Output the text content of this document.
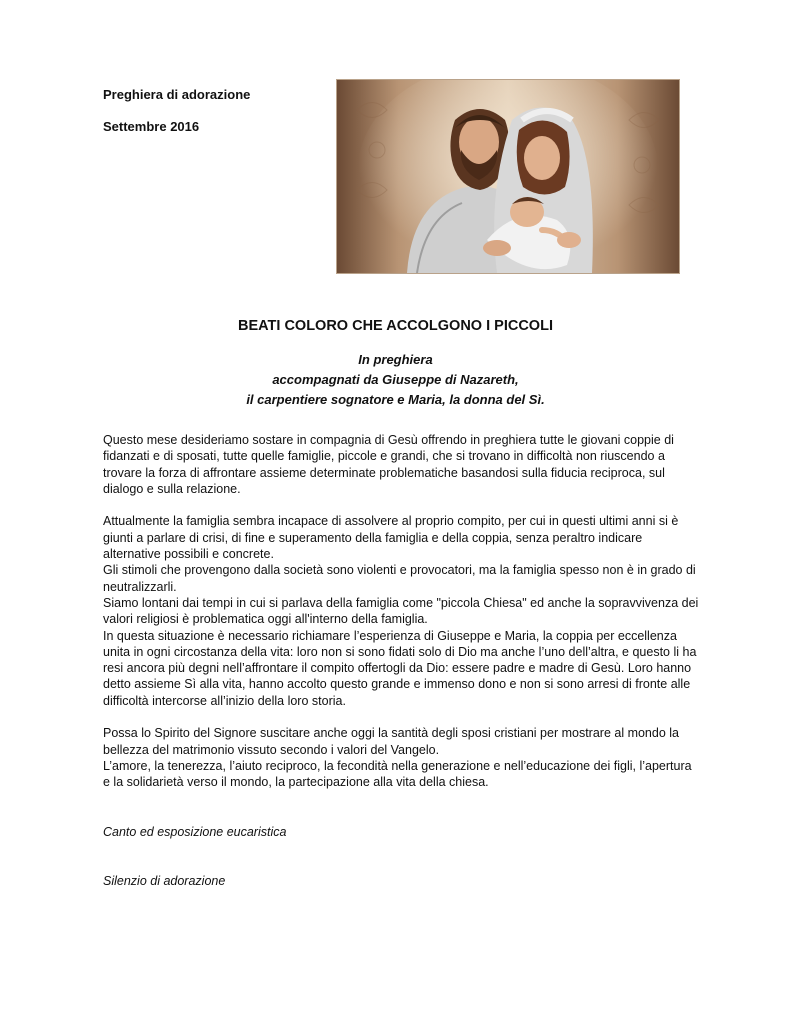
Preghiera di adorazione
Settembre 2016
BEATI COLORO CHE ACCOLGONO I PICCOLI
In preghiera
accompagnati da Giuseppe di Nazareth,
il carpentiere sognatore e Maria, la donna del Sì.
Questo mese desideriamo sostare in compagnia di Gesù offrendo in preghiera tutte le giovani coppie di
fidanzati e di sposati, tutte quelle famiglie, piccole e grandi, che si trovano in difficoltà non riuscendo a
trovare la forza di affrontare assieme determinate problematiche basandosi sulla fiducia reciproca, sul
dialogo e sulla relazione.
Attualmente la famiglia sembra incapace di assolvere al proprio compito, per cui in questi ultimi anni si è
giunti a parlare di crisi, di fine e superamento della famiglia e della coppia, senza peraltro indicare
alternative possibili e concrete.
Gli stimoli che provengono dalla società sono violenti e provocatori, ma la famiglia spesso non è in grado di
neutralizzarli.
Siamo lontani dai tempi in cui si parlava della famiglia come "piccola Chiesa" ed anche la sopravvivenza dei
valori religiosi è problematica oggi all'interno della famiglia.
In questa situazione è necessario richiamare l’esperienza di Giuseppe e Maria, la coppia per eccellenza
unita in ogni circostanza della vita: loro non si sono fidati solo di Dio ma anche l’uno dell’altra, e questo li ha
resi ancora più degni nell’affrontare il compito offertogli da Dio: essere padre e madre di Gesù. Loro hanno
detto assieme Sì alla vita, hanno accolto questo grande e immenso dono e non si sono arresi di fronte alle
difficoltà intercorse all’inizio della loro storia.
Possa lo Spirito del Signore suscitare anche oggi la santità degli sposi cristiani per mostrare al mondo la
bellezza del matrimonio vissuto secondo i valori del Vangelo.
L’amore, la tenerezza, l’aiuto reciproco, la fecondità nella generazione e nell’educazione dei figli, l’apertura
e la solidarietà verso il mondo, la partecipazione alla vita della chiesa.
Canto ed esposizione eucaristica
Silenzio di adorazione
